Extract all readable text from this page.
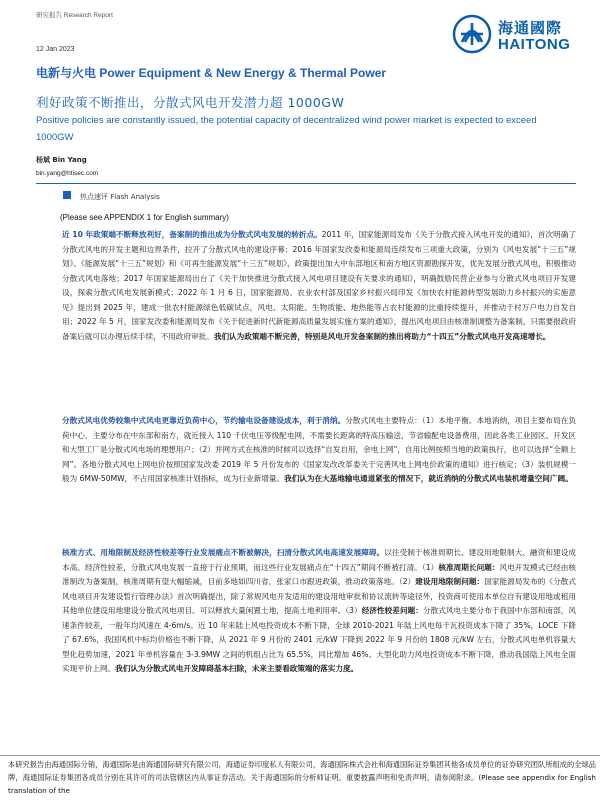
研究报告 Research Report
12 Jan 2023
海通國際
HAITONG
电新与火电 Power Equipment & New Energy & Thermal Power
利好政策不断推出，分散式风电开发潜力超 1000GW
Positive policies are constantly issued, the potential capacity of decentralized wind power market is expected to exceed 1000GW
杨斌 Bin Yang
bin.yang@htisec.com
热点速评 Flash Analysis
(Please see APPENDIX 1 for English summary)
近 10 年政策端不断释放利好，备案制的推出成为分散式风电发展的转折点。2011 年，国家能源局发布《关于分散式接入风电开发的通知》，首次明确了分散式风电的开发主题和边界条件，拉开了分散式风电的建设序幕；2016 年国家发改委和能源局连续发布三项重大政策，分别为《风电发展“十三五”规划》、《能源发展“十三五”规划》和《可再生能源发展“十三五”规划》，政策提出加大中东部地区和南方地区资源勘探开发，优先发展分散式风电，积极推动分散式风电落地；2017 年国家能源局出台了《关于加快推进分散式接入风电项目建设有关要求的通知》，明确鼓励民营企业参与分散式风电项目开发建设，探索分散式风电发展新模式；2022 年 1 月 6 日，国家能源局、农业农村部及国家乡村振兴局印发《加快农村能源转型发展助力乡村振兴的实施意见》提出到 2025 年，建成一批农村能源绿色低碳试点，风电、太阳能、生物质能、地热能等占农村能源的比重持续提升，并推动千村万户电力自发自用；2022 年 5 月，国家发改委和能源局发布《关于促进新时代新能源高质量发展实施方案的通知》，提出风电项目由核准制调整为备案制，只需要报政府备案后就可以办理后续手续，不用政府审批。我们认为政策端不断完善，特别是风电开发备案制的推出将助力“十四五”分散式风电开发高速增长。
分散式风电优势较集中式风电更靠近负荷中心，节约输电设备建设成本，利于消纳。分散式风电主要特点：（1）本地平衡。本地消纳，项目主要布局在负荷中心，主要分布在中东部和南方，就近接入 110 千伏电压等级配电网，不需要长距离的特高压输送，节省输配电设备费用，因此各类工业园区、开发区和大型工厂是分散式风电场的理想用户；（2）并网方式在核准的时候可以选择“自发自用，余电上网”，自用比例按照当地的政策执行，也可以选择“全额上网”。各地分散式风电上网电价按照国家发改委 2019 年 5 月份发布的《国家发改改革委关于完善风电上网电价政策的通知》进行核定；（3）装机规模一般为 6MW-50MW，不占用国家核准计划指标，成为行业新增量。我们认为在大基地输电通道紧张的情况下，就近消纳的分散式风电装机增量空间广阔。
核准方式、用地限制及经济性较差等行业发展痛点不断被解决，扫清分散式风电高速发展障碍。以往受制于核准周期长、建设用地限制大、融资和建设成本高、经济性较差，分散式风电发展一直接于行业预期，而这些行业发展痛点在“十四五”期间不断被打清。（1）核准周期长问题：风电开发模式已经由核准制改为备案制，核准周期有望大幅缩减，目前多地如四川省，张家口市跟进政策，推动政策落地。（2）建设用地限制问题：国家能源局发布的《分散式风电项目开发建设暂行管理办法》首次明确提出，除了常规风电开发适用的建设用地审批和协议流转等途径外，投资商可使用本单位自有建设用地或租用其他单位建设用地建设分散式风电项目。可以释放大量闲置土地，提高土地利用率。（3）经济性较差问题：分散式风电主要分布于我国中东部和南部，风速条件较差，一般年均风速在 4-6m/s。近 10 年来陆上风电投资成本不断下降，全球 2010-2021 年陆上风电每千瓦投资成本下降了 35%，LOCE 下降了 67.6%，我国风机中标均价格也不断下降，从 2021 年 9 月份的 2401 元/kW 下降到 2022 年 9 月份的 1808 元/kW 左右，分散式风电单机容量大型化趋势加速，2021 年单机容量在 3-3.9MW 之间的机组占比为 65.5%，同比增加 46%。大型化助力风电投资成本不断下降，推动我国陆上风电全面实现平价上网。我们认为分散式风电开发障碍基本扫除，未来主要看政策端的落实力度。
本研究报告由海通国际分销，海通国际是由海通国际研究有限公司，海通证券印度私人有限公司，海通国际株式会社和海通国际证券集团其他各成员单位的证券研究团队所组成的全球品牌，海通国际证券集团各成员分别在其许可的司法管辖区内从事证券活动。关于海通国际的分析师证明，重要披露声明和免责声明，请参阅附录。(Please see appendix for English translation of the
